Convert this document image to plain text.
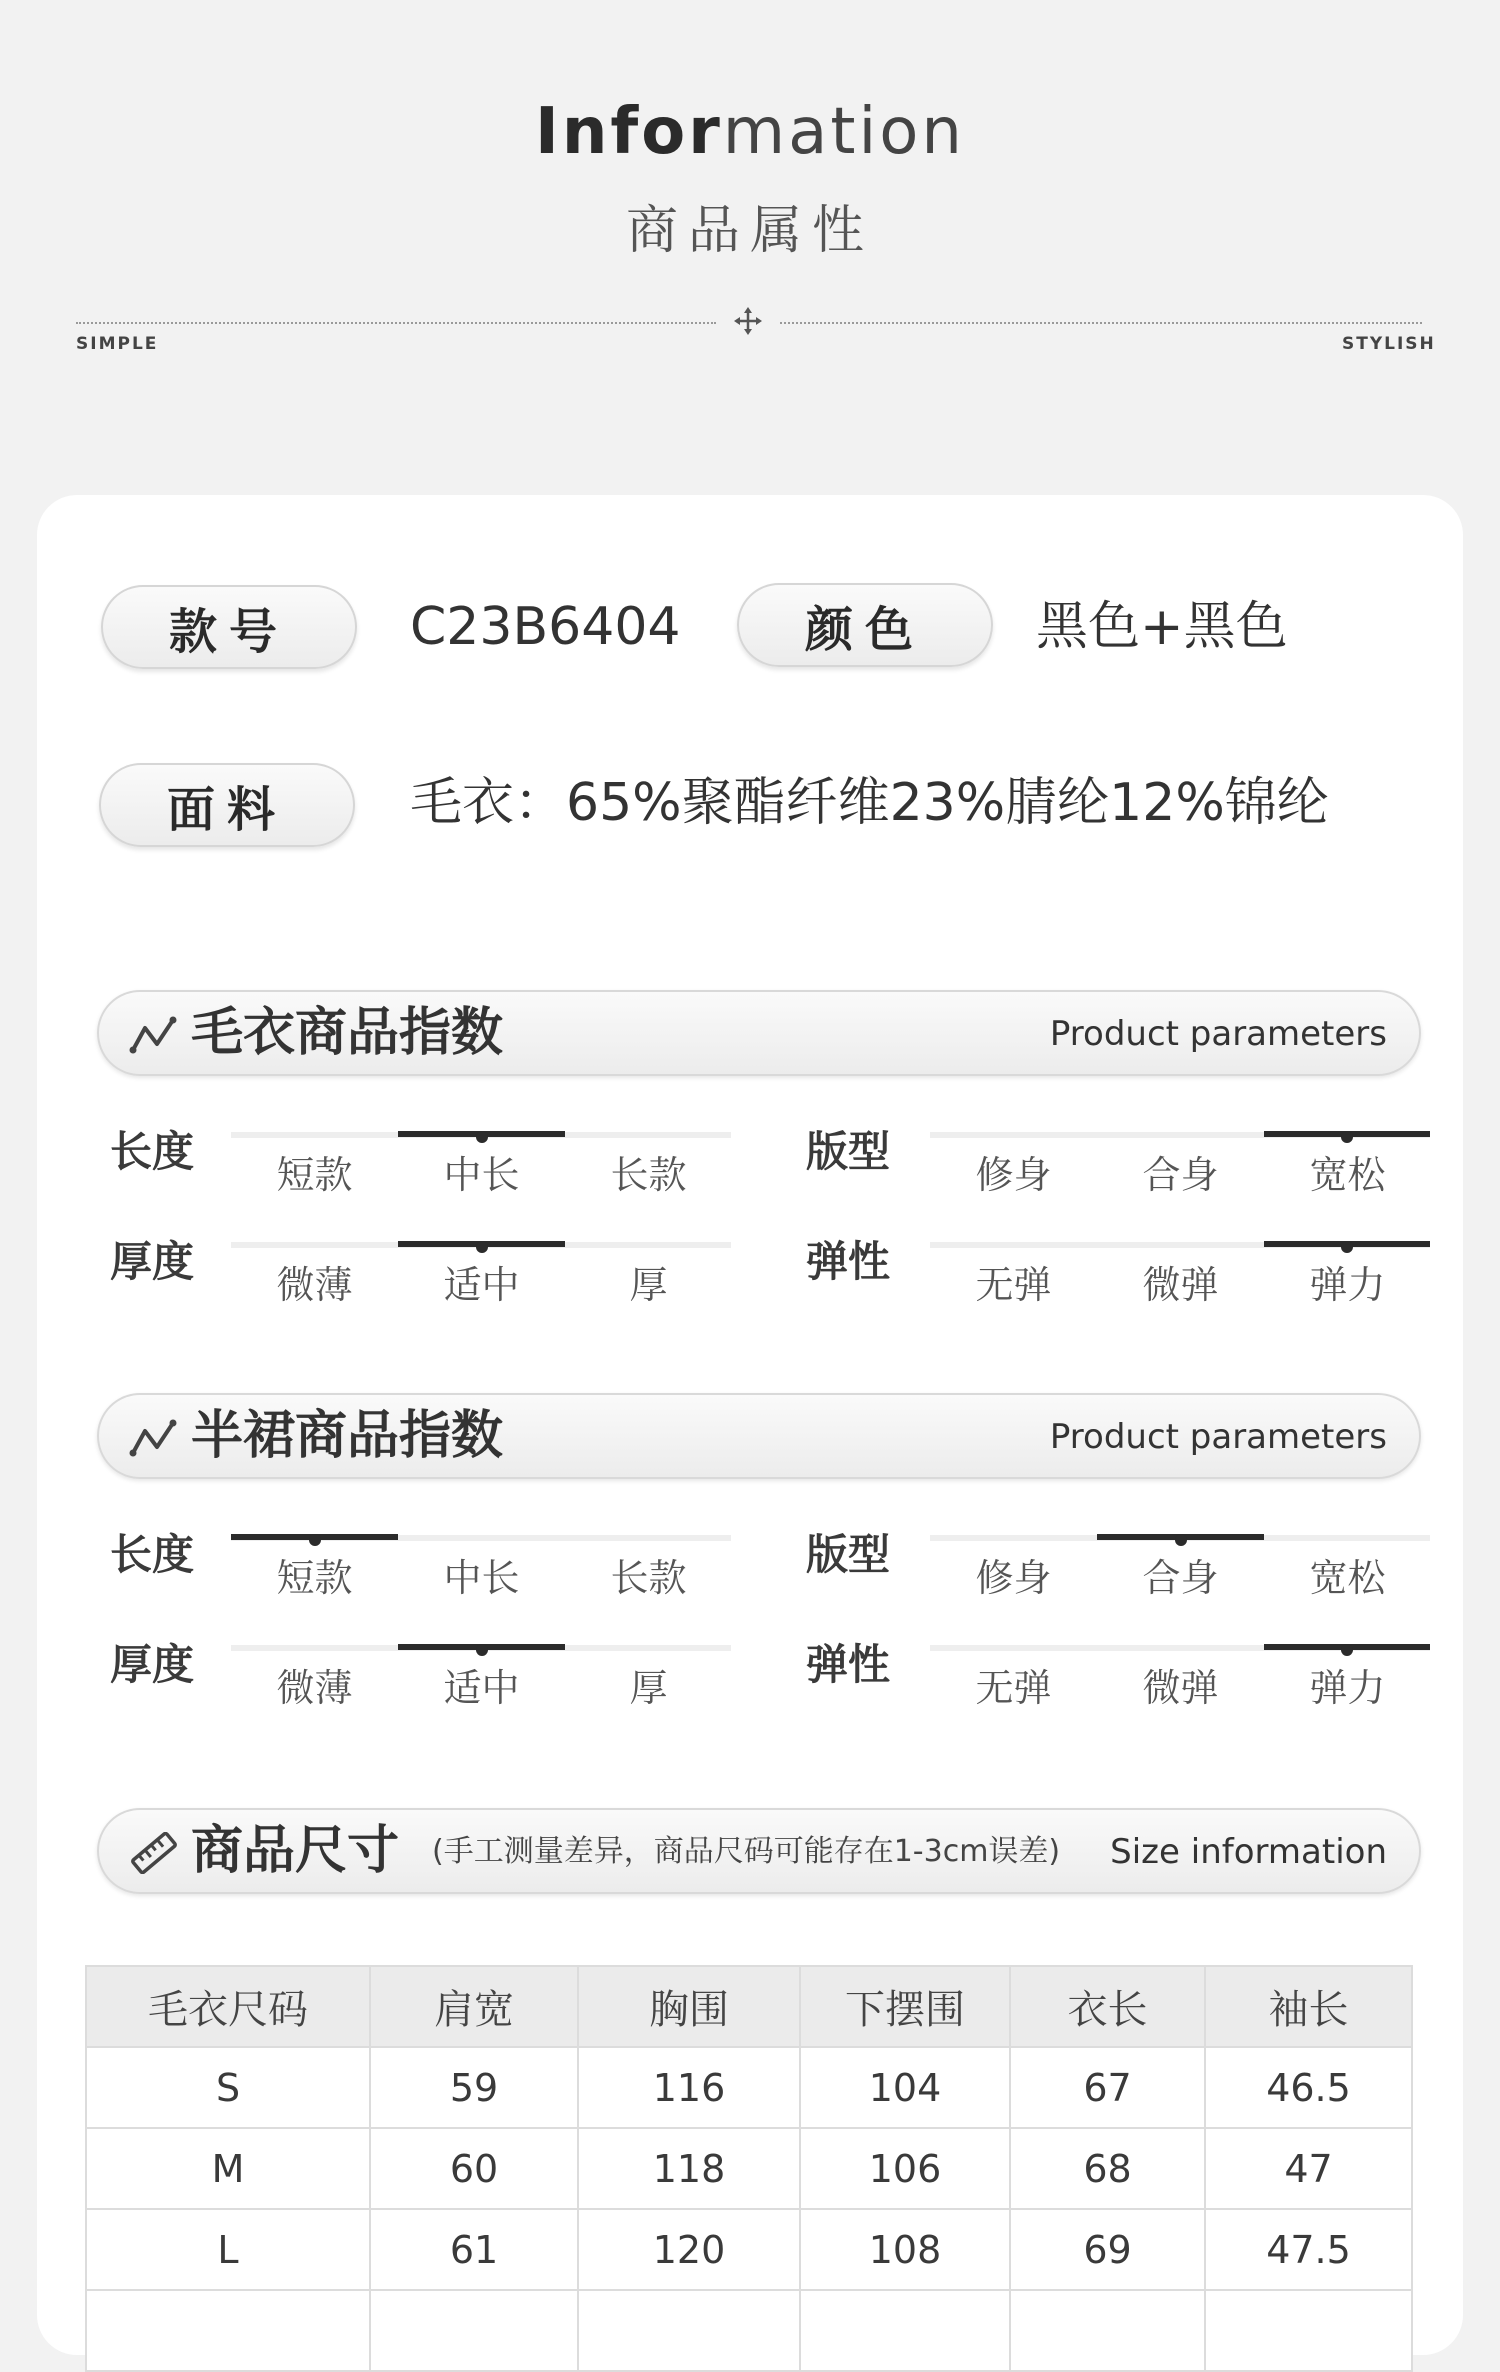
Information
商品属性
SIMPLE	STYLISH
款号	C23B6404	颜色	黑色+黑色
面料	毛衣：65%聚酯纤维23%腈纶12%锦纶
毛衣商品指数	Product parameters
长度	短款	中长	长款	版型	修身	合身	宽松
厚度	微薄	适中	厚	弹性	无弹	微弹	弹力
半裙商品指数	Product parameters
长度	短款	中长	长款	版型	修身	合身	宽松
厚度	微薄	适中	厚	弹性	无弹	微弹	弹力
商品尺寸 (手工测量差异，商品尺码可能存在1-3cm误差) Size information
毛衣尺码	肩宽	胸围	下摆围	衣长	袖长
S	59	116	104	67	46.5
M	60	118	106	68	47
L	61	120	108	69	47.5
